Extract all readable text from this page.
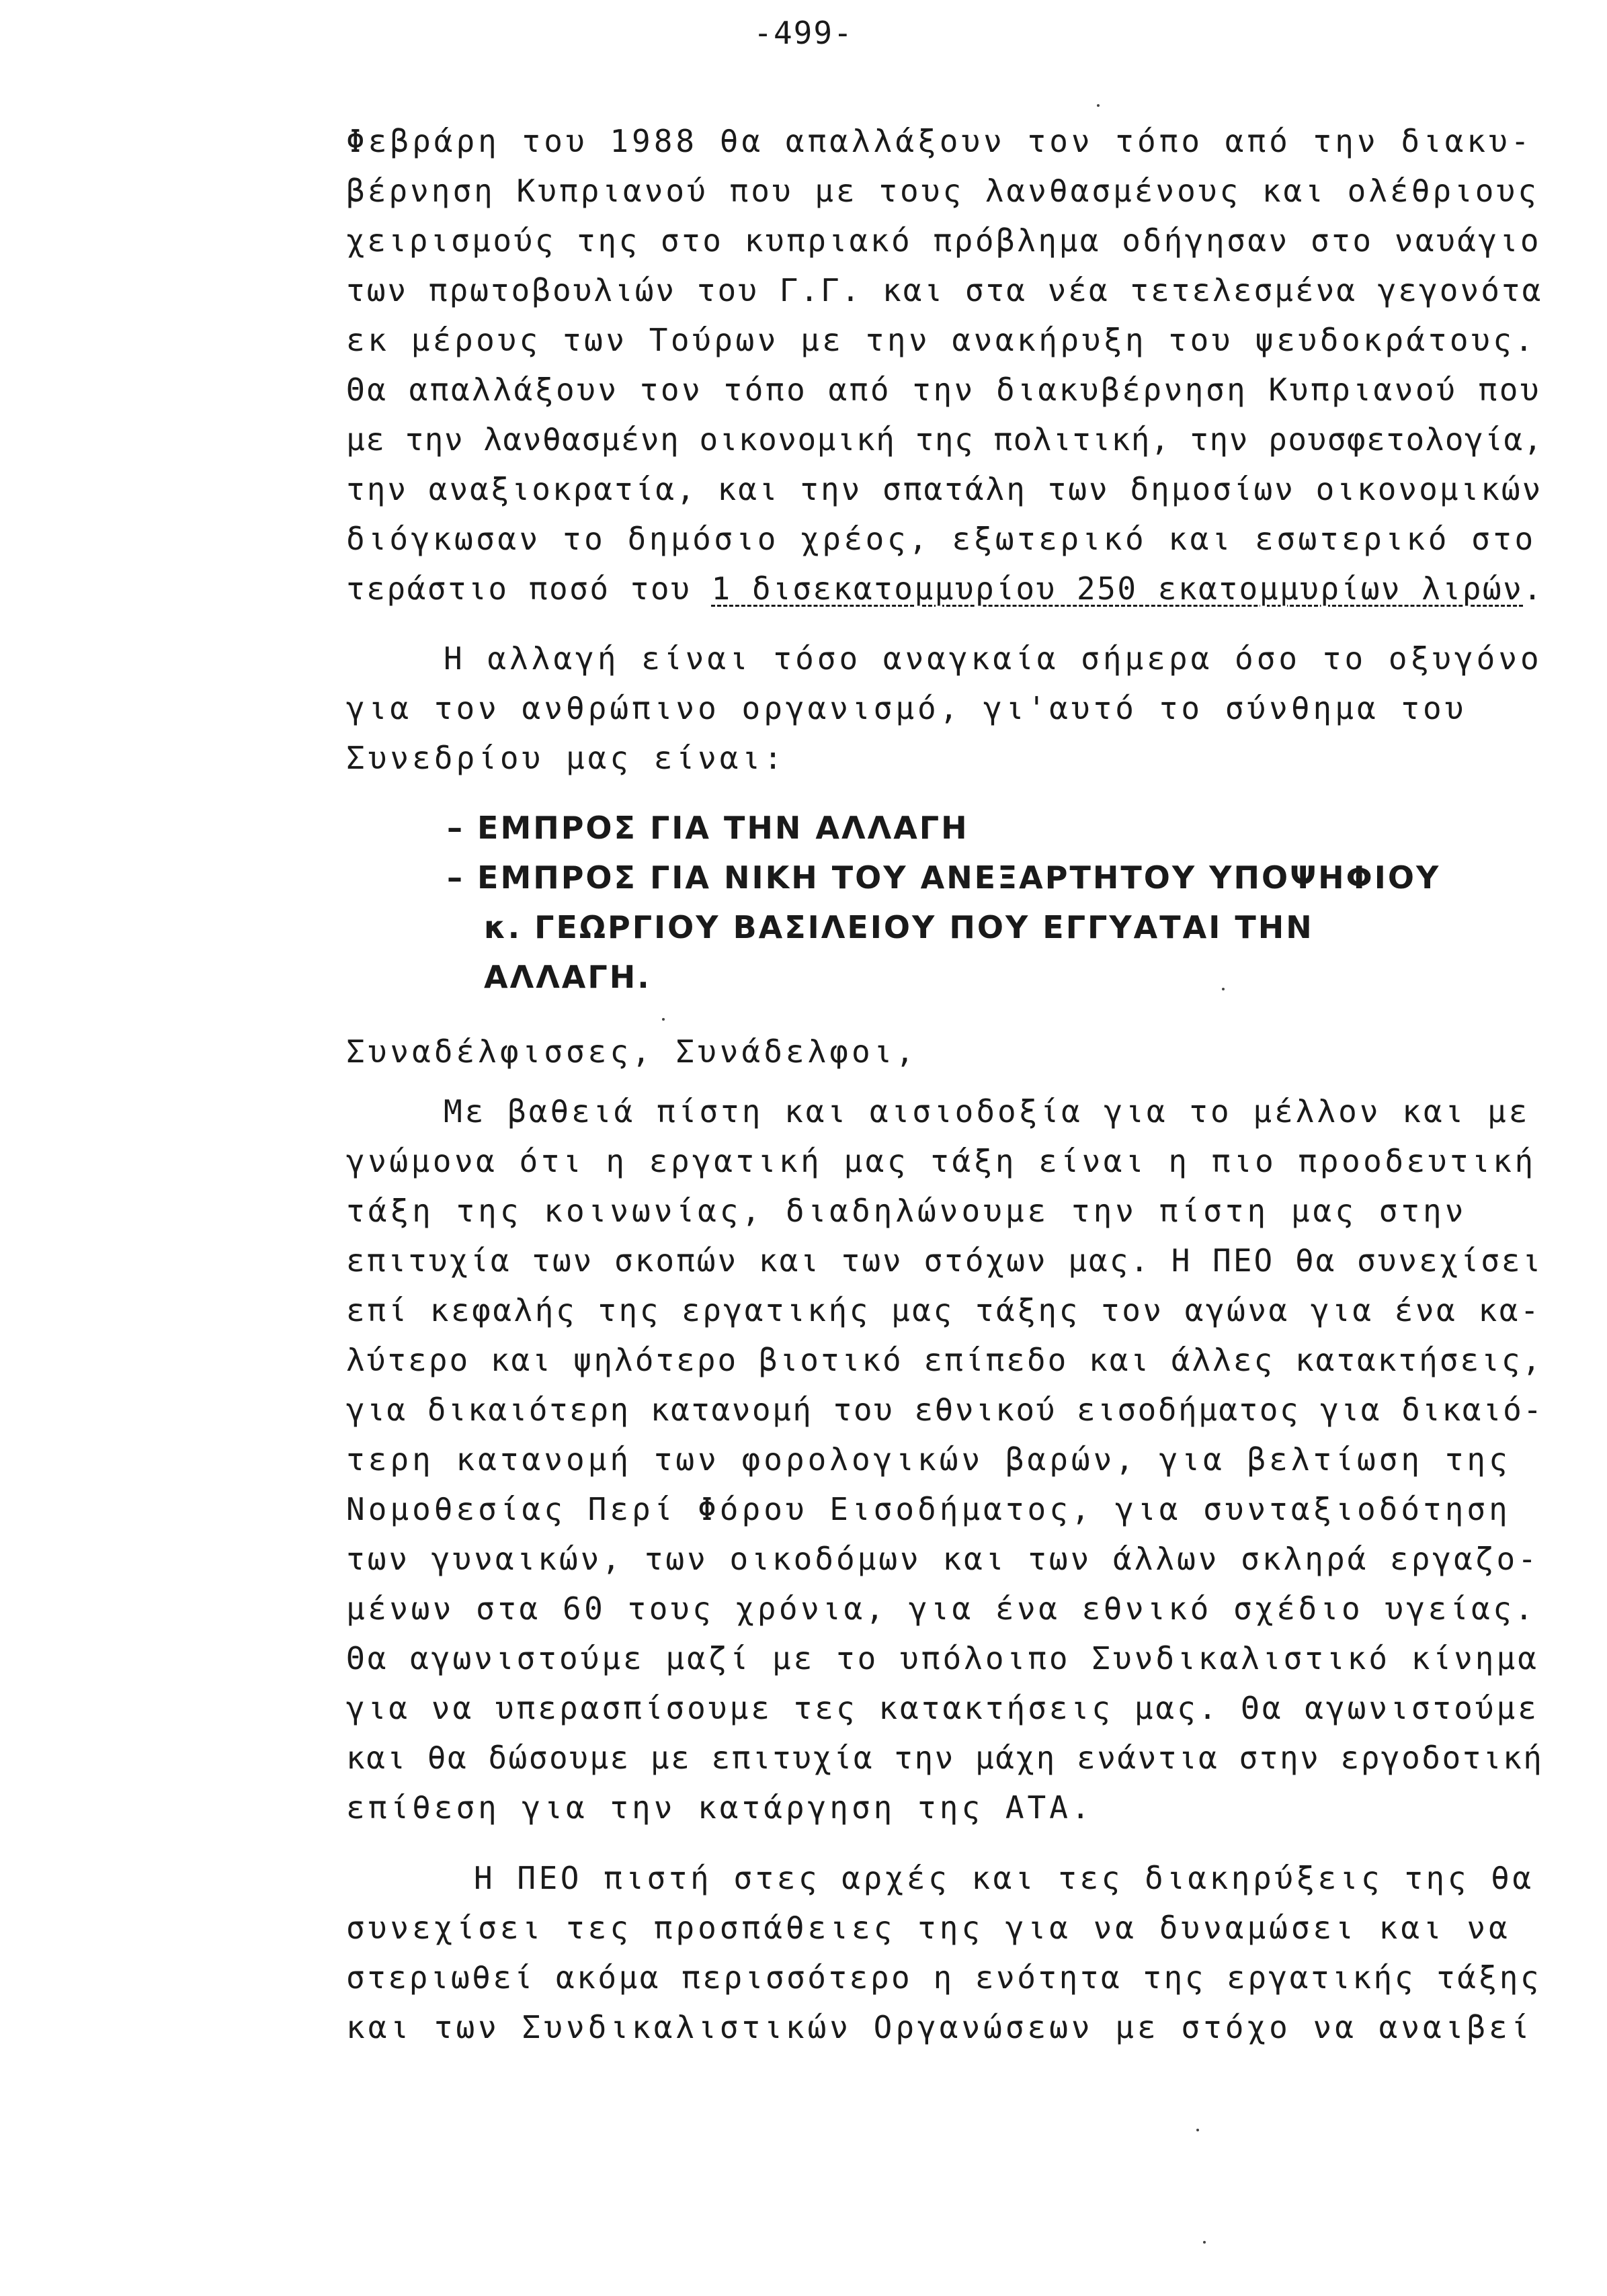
-499-
Φεβράρη του 1988 θα απαλλάξουν τον τόπο από την διακυ-
βέρνηση Κυπριανού που με τους λανθασμένους και ολέθριους
χειρισμούς της στο κυπριακό πρόβλημα οδήγησαν στο ναυάγιο
των πρωτοβουλιών του Γ.Γ. και στα νέα τετελεσμένα γεγονότα
εκ μέρους των Τούρων με την ανακήρυξη του ψευδοκράτους.
Θα απαλλάξουν τον τόπο από την διακυβέρνηση Κυπριανού που
με την λανθασμένη οικονομική της πολιτική, την ρουσφετολογία,
την αναξιοκρατία, και την σπατάλη των δημοσίων οικονομικών
διόγκωσαν το δημόσιο χρέος, εξωτερικό και εσωτερικό στο
τεράστιο ποσό του 1 δισεκατομμυρίου 250 εκατομμυρίων λιρών.
Η αλλαγή είναι τόσο αναγκαία σήμερα όσο το οξυγόνο
για τον ανθρώπινο οργανισμό, γι'αυτό το σύνθημα του
Συνεδρίου μας είναι:
– ΕΜΠΡΟΣ ΓΙΑ ΤΗΝ ΑΛΛΑΓΗ
– ΕΜΠΡΟΣ ΓΙΑ ΝΙΚΗ ΤΟΥ ΑΝΕΞΑΡΤΗΤΟΥ ΥΠΟΨΗΦΙΟΥ
κ. ΓΕΩΡΓΙΟΥ ΒΑΣΙΛΕΙΟΥ ΠΟΥ ΕΓΓΥΑΤΑΙ ΤΗΝ
ΑΛΛΑΓΗ.
Συναδέλφισσες, Συνάδελφοι,
Με βαθειά πίστη και αισιοδοξία για το μέλλον και με
γνώμονα ότι η εργατική μας τάξη είναι η πιο προοδευτική
τάξη της κοινωνίας, διαδηλώνουμε την πίστη μας στην
επιτυχία των σκοπών και των στόχων μας. Η ΠΕΟ θα συνεχίσει
επί κεφαλής της εργατικής μας τάξης τον αγώνα για ένα κα-
λύτερο και ψηλότερο βιοτικό επίπεδο και άλλες κατακτήσεις,
για δικαιότερη κατανομή του εθνικού εισοδήματος για δικαιό-
τερη κατανομή των φορολογικών βαρών, για βελτίωση της
Νομοθεσίας Περί Φόρου Εισοδήματος, για συνταξιοδότηση
των γυναικών, των οικοδόμων και των άλλων σκληρά εργαζο-
μένων στα 60 τους χρόνια, για ένα εθνικό σχέδιο υγείας.
Θα αγωνιστούμε μαζί με το υπόλοιπο Συνδικαλιστικό κίνημα
για να υπερασπίσουμε τες κατακτήσεις μας. Θα αγωνιστούμε
και θα δώσουμε με επιτυχία την μάχη ενάντια στην εργοδοτική
επίθεση για την κατάργηση της ΑΤΑ.
Η ΠΕΟ πιστή στες αρχές και τες διακηρύξεις της θα
συνεχίσει τες προσπάθειες της για να δυναμώσει και να
στεριωθεί ακόμα περισσότερο η ενότητα της εργατικής τάξης
και των Συνδικαλιστικών Οργανώσεων με στόχο να αναιβεί
